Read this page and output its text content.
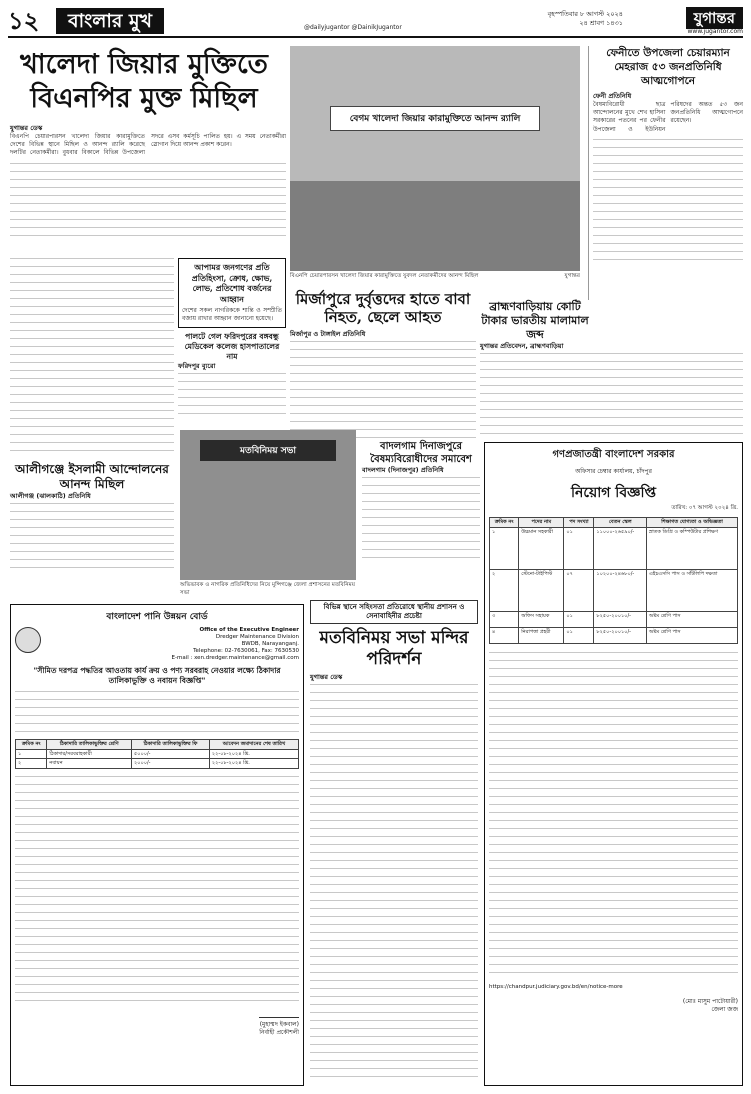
১২	বাংলার মুখ	@dailyjugantor @DainikJugantor
বৃহস্পতিবার ৮ আগস্ট ২০২৪
২৪ শ্রাবণ ১৪৩১	যুগান্তর
www.jugantor.com
খালেদা জিয়ার মুক্তিতে
বিএনপির মুক্ত মিছিল
যুগান্তর ডেস্ক
বিএনপি চেয়ারপারসন খালেদা জিয়ার কারামুক্তিতে দেশের বিভিন্ন স্থানে মিছিল ও আনন্দ র‌্যালি করেছে দলটির নেতাকর্মীরা। বুধবার বিকালে বিভিন্ন উপজেলা সদরে এসব কর্মসূচি পালিত হয়। এ সময় নেতাকর্মীরা স্লোগান দিয়ে আনন্দ প্রকাশ করেন।
বেগম খালেদা জিয়ার কারামুক্তিতে আনন্দ র‌্যালি
বিএনপি চেয়ারপারসন খালেদা জিয়ার কারামুক্তিতে যুবদল নেতাকর্মীদের আনন্দ মিছিল	যুগান্তর
ফেনীতে উপজেলা চেয়ারম্যান মেহরাজ ৫৩ জনপ্রতিনিধি আত্মগোপনে
ফেনী প্রতিনিধি
বৈষম্যবিরোধী ছাত্র আন্দোলনের মুখে শেখ হাসিনা সরকারের পতনের পর ফেনীর উপজেলা ও ইউনিয়ন পরিষদের অন্তত ৫৩ জন জনপ্রতিনিধি আত্মগোপনে রয়েছেন।
আপামর জনগণের প্রতি প্রতিহিংসা, ক্রোধ, ক্ষোভ, লোভ, প্রতিশোধ বর্জনের আহ্বান
দেশের সকল নাগরিককে শান্তি ও সম্প্রীতি বজায় রাখার আহ্বান জানানো হয়েছে।
পালটে গেল ফরিদপুরের বঙ্গবন্ধু মেডিকেল কলেজ হাসপাতালের নাম
ফরিদপুর ব্যুরো
মির্জাপুরে দুর্বৃত্তদের হাতে বাবা নিহত, ছেলে আহত
মির্জাপুর ও টাঙ্গাইল প্রতিনিধি
ব্রাহ্মণবাড়িয়ায় কোটি টাকার ভারতীয় মালামাল জব্দ
যুগান্তর প্রতিবেদন, ব্রাহ্মণবাড়িয়া
আলীগঞ্জে ইসলামী আন্দোলনের আনন্দ মিছিল
আলীগঞ্জ (ঝালকাঠি) প্রতিনিধি
মতবিনিময় সভা
অভিভাবক ও নাগরিক প্রতিনিধিদের নিয়ে মুন্সিগঞ্জে জেলা প্রশাসনের মতবিনিময় সভা
বাদলগাম দিনাজপুরে বৈষম্যবিরোধীদের সমাবেশ
বাদলগাম (দিনাজপুর) প্রতিনিধি
গণপ্রজাতন্ত্রী বাংলাদেশ সরকার
অফিসার চেম্বার কার্যালয়, চাঁদপুর
নিয়োগ বিজ্ঞপ্তি
তারিখ: ০৭ আগস্ট ২০২৪ খ্রি.
ক্রমিক নং	পদের নাম	পদ সংখ্যা	বেতন স্কেল	শিক্ষাগত যোগ্যতা ও অভিজ্ঞতা
১	উচ্চমান সহকারী	০১	১১০০০-২৬৫৯০/-	স্নাতক ডিগ্রি ও কম্পিউটার প্রশিক্ষণ
২	স্টেনো-টাইপিস্ট	০৭	১০২০০-২৪৬৮০/-	এইচএসসি পাস ও সাঁটলিপি দক্ষতা
৩	অফিস সহায়ক	০১	৮২৫০-২০০১০/-	অষ্টম শ্রেণি পাস
৪	নিরাপত্তা প্রহরী	০১	৮২৫০-২০০১০/-	অষ্টম শ্রেণি পাস
https://chandpur.judiciary.gov.bd/en/notice-more
(মোঃ মাসুম পাটোয়ারী)
জেলা জজ
বাংলাদেশ পানি উন্নয়ন বোর্ড
Office of the Executive Engineer
Dredger Maintenance Division
BWDB, Narayanganj.
Telephone: 02-7630061, Fax: 7630530
E-mail : xen.dredger.maintenance@gmail.com
"সীমিত দরপত্র পদ্ধতির আওতায় কার্য ক্রয় ও পণ্য সরবরাহ নেওয়ার লক্ষ্যে ঠিকাদার তালিকাভুক্তি ও নবায়ন বিজ্ঞপ্তি"
ক্রমিক নং	ঠিকাদারি তালিকাভুক্তির শ্রেণি	ঠিকাদারি তালিকাভুক্তির ফি	আবেদন জমাদানের শেষ তারিখ
১	ঠিকাদার/সরবরাহকারী	৫০০০/-	২২-০৮-২০২৪ খ্রি.
২	নবায়ন	২০০০/-	২২-০৮-২০২৪ খ্রি.
(মুহাম্মদ ইকবাল)
নির্বাহী প্রকৌশলী
বিভিন্ন স্থানে সহিংসতা প্রতিরোধে স্থানীয় প্রশাসন ও সেনাবাহিনীর প্রচেষ্টা
মতবিনিময় সভা মন্দির পরিদর্শন
যুগান্তর ডেস্ক
